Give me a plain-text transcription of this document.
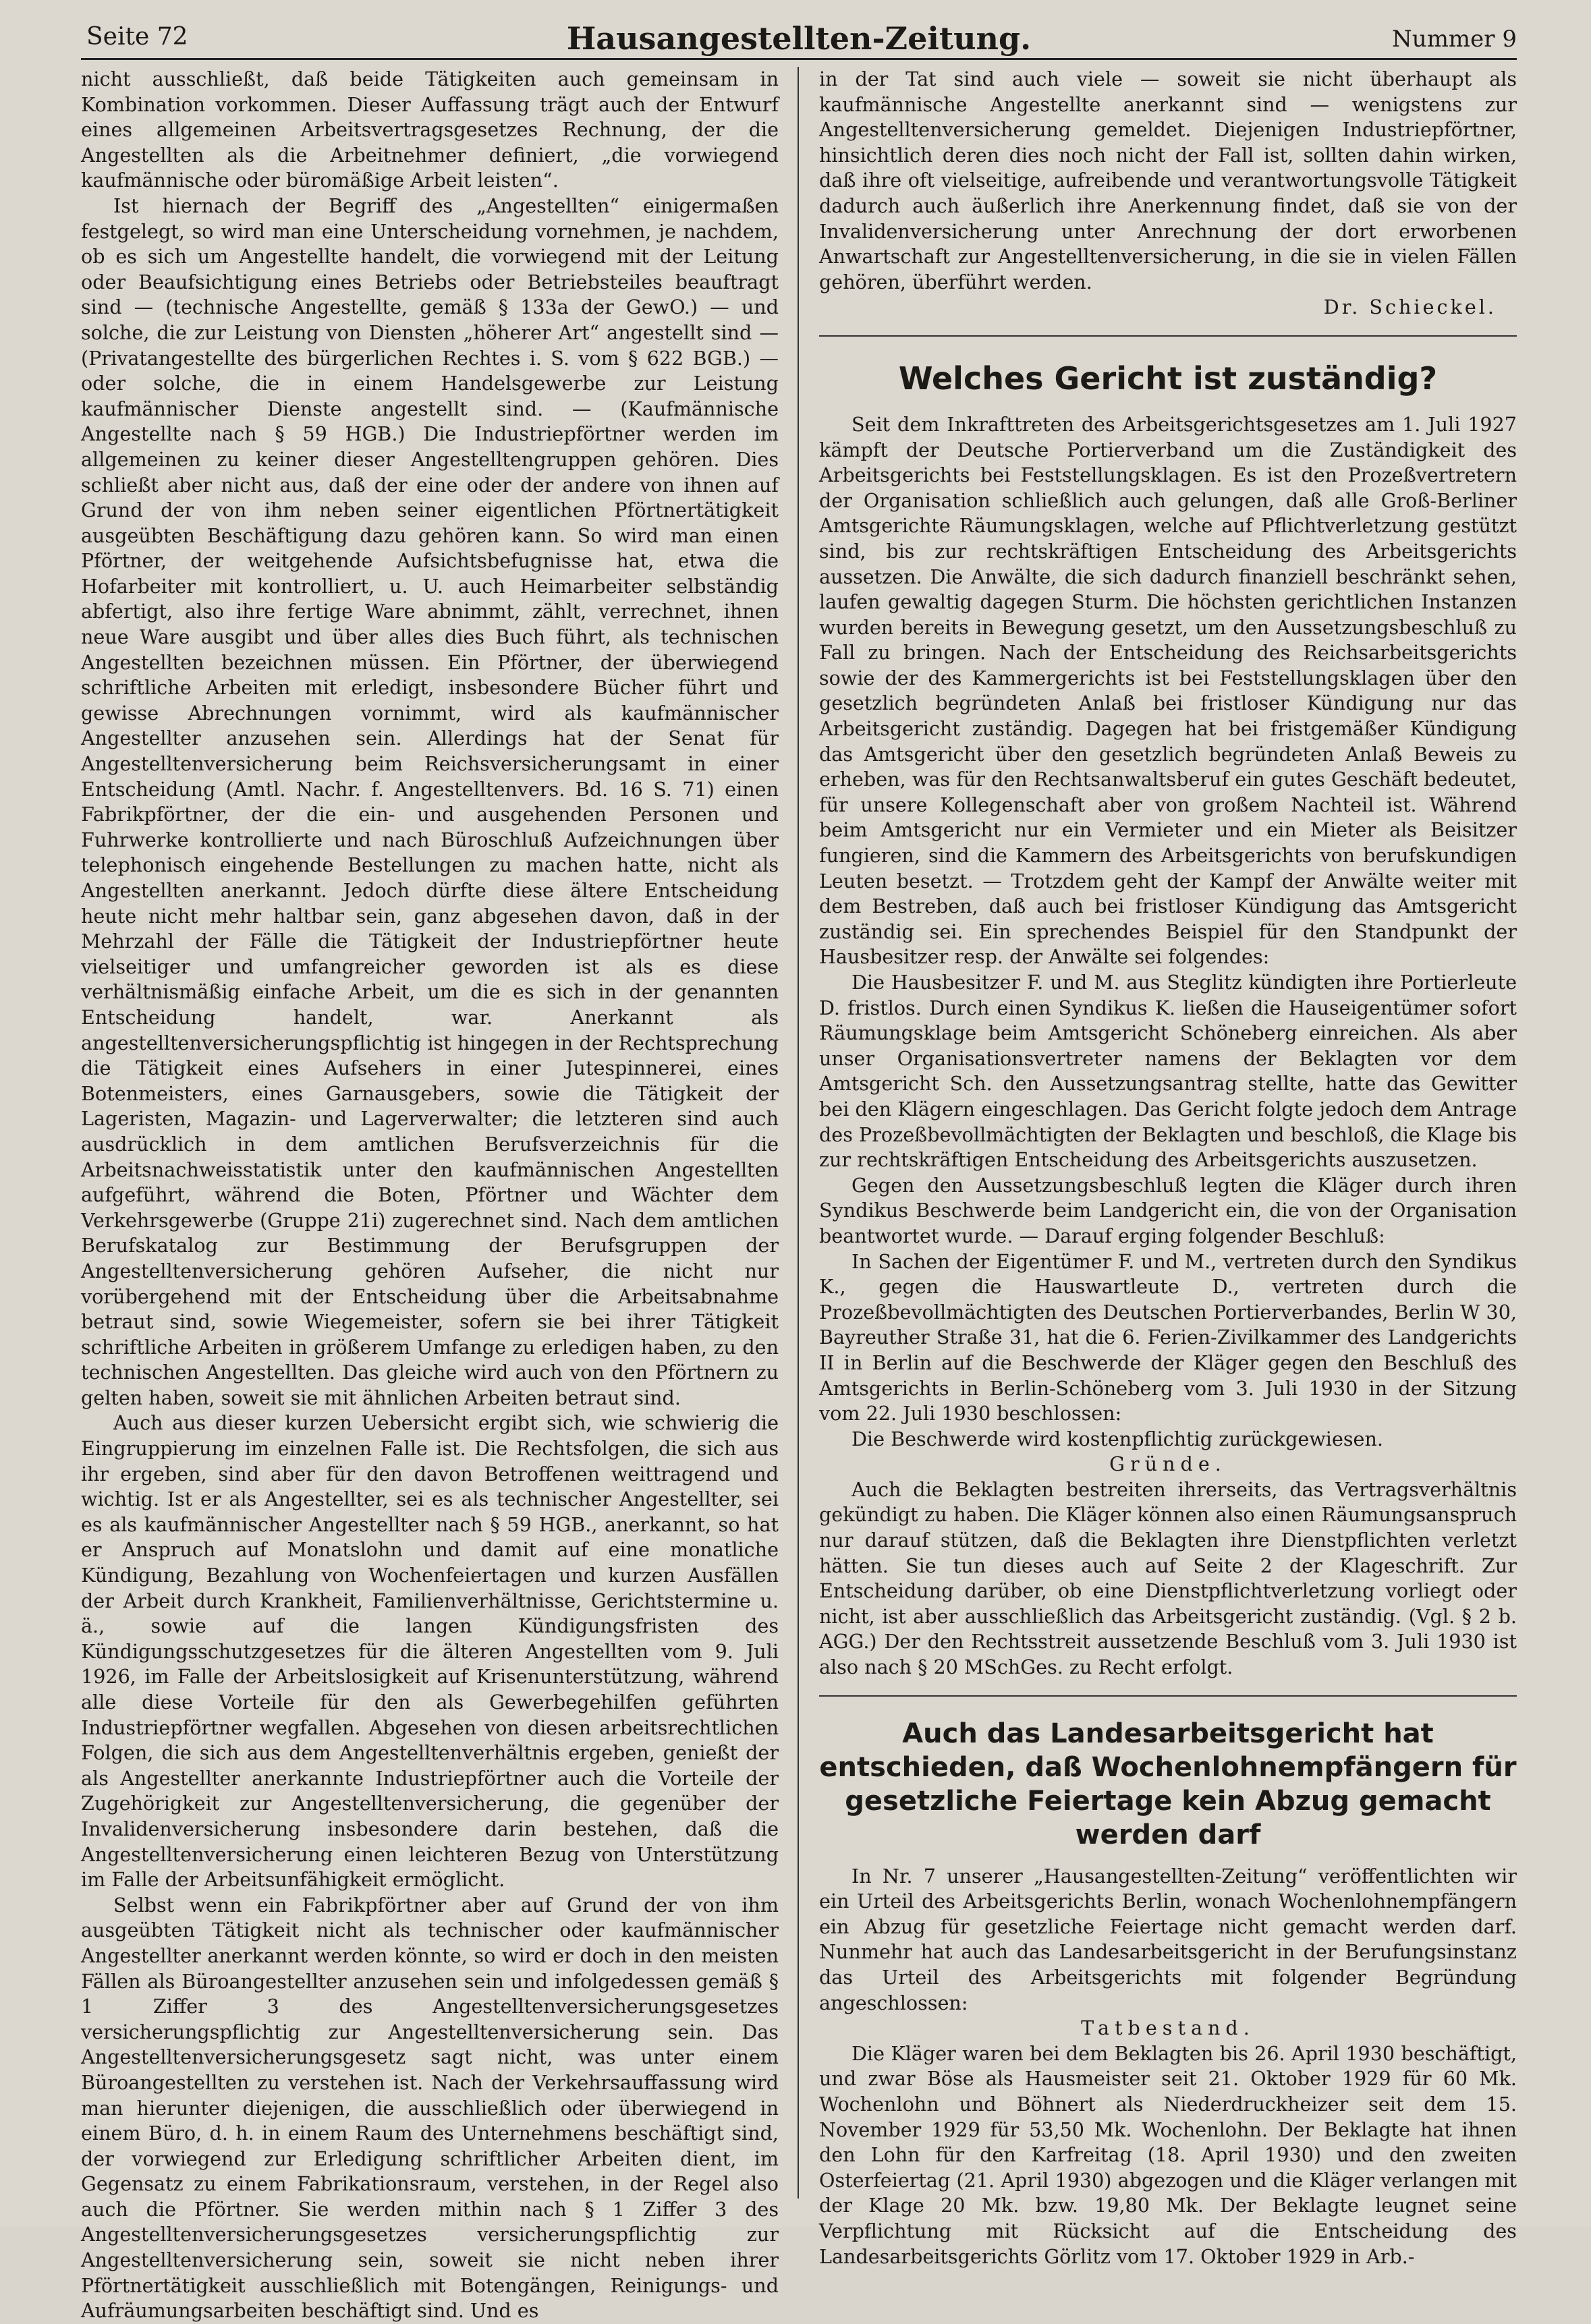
Seite 72	Hausangestellten-Zeitung.	Nummer 9

nicht ausschließt, daß beide Tätigkeiten auch gemeinsam in Kombination vorkommen. Dieser Auffassung trägt auch der Entwurf eines allgemeinen Arbeitsvertragsgesetzes Rechnung, der die Angestellten als die Arbeitnehmer definiert, „die vorwiegend kaufmännische oder büromäßige Arbeit leisten“.

Ist hiernach der Begriff des „Angestellten“ einigermaßen festgelegt, so wird man eine Unterscheidung vornehmen, je nachdem, ob es sich um Angestellte handelt, die vorwiegend mit der Leitung oder Beaufsichtigung eines Betriebs oder Betriebsteiles beauftragt sind — (technische Angestellte, gemäß § 133a der GewO.) — und solche, die zur Leistung von Diensten „höherer Art“ angestellt sind — (Privatangestellte des bürgerlichen Rechtes i. S. vom § 622 BGB.) — oder solche, die in einem Handelsgewerbe zur Leistung kaufmännischer Dienste angestellt sind. — (Kaufmännische Angestellte nach § 59 HGB.) Die Industriepförtner werden im allgemeinen zu keiner dieser Angestelltengruppen gehören. Dies schließt aber nicht aus, daß der eine oder der andere von ihnen auf Grund der von ihm neben seiner eigentlichen Pförtnertätigkeit ausgeübten Beschäftigung dazu gehören kann. So wird man einen Pförtner, der weitgehende Aufsichtsbefugnisse hat, etwa die Hofarbeiter mit kontrolliert, u. U. auch Heimarbeiter selbständig abfertigt, also ihre fertige Ware abnimmt, zählt, verrechnet, ihnen neue Ware ausgibt und über alles dies Buch führt, als technischen Angestellten bezeichnen müssen. Ein Pförtner, der überwiegend schriftliche Arbeiten mit erledigt, insbesondere Bücher führt und gewisse Abrechnungen vornimmt, wird als kaufmännischer Angestellter anzusehen sein. Allerdings hat der Senat für Angestelltenversicherung beim Reichsversicherungsamt in einer Entscheidung (Amtl. Nachr. f. Angestelltenvers. Bd. 16 S. 71) einen Fabrikpförtner, der die ein- und ausgehenden Personen und Fuhrwerke kontrollierte und nach Büroschluß Aufzeichnungen über telephonisch eingehende Bestellungen zu machen hatte, nicht als Angestellten anerkannt. Jedoch dürfte diese ältere Entscheidung heute nicht mehr haltbar sein, ganz abgesehen davon, daß in der Mehrzahl der Fälle die Tätigkeit der Industriepförtner heute vielseitiger und umfangreicher geworden ist als es diese verhältnismäßig einfache Arbeit, um die es sich in der genannten Entscheidung handelt, war. Anerkannt als angestelltenversicherungspflichtig ist hingegen in der Rechtsprechung die Tätigkeit eines Aufsehers in einer Jutespinnerei, eines Botenmeisters, eines Garnausgebers, sowie die Tätigkeit der Lageristen, Magazin- und Lagerverwalter; die letzteren sind auch ausdrücklich in dem amtlichen Berufsverzeichnis für die Arbeitsnachweisstatistik unter den kaufmännischen Angestellten aufgeführt, während die Boten, Pförtner und Wächter dem Verkehrsgewerbe (Gruppe 21i) zugerechnet sind. Nach dem amtlichen Berufskatalog zur Bestimmung der Berufsgruppen der Angestelltenversicherung gehören Aufseher, die nicht nur vorübergehend mit der Entscheidung über die Arbeitsabnahme betraut sind, sowie Wiegemeister, sofern sie bei ihrer Tätigkeit schriftliche Arbeiten in größerem Umfange zu erledigen haben, zu den technischen Angestellten. Das gleiche wird auch von den Pförtnern zu gelten haben, soweit sie mit ähnlichen Arbeiten betraut sind.

Auch aus dieser kurzen Uebersicht ergibt sich, wie schwierig die Eingruppierung im einzelnen Falle ist. Die Rechtsfolgen, die sich aus ihr ergeben, sind aber für den davon Betroffenen weittragend und wichtig. Ist er als Angestellter, sei es als technischer Angestellter, sei es als kaufmännischer Angestellter nach § 59 HGB., anerkannt, so hat er Anspruch auf Monatslohn und damit auf eine monatliche Kündigung, Bezahlung von Wochenfeiertagen und kurzen Ausfällen der Arbeit durch Krankheit, Familienverhältnisse, Gerichtstermine u. ä., sowie auf die langen Kündigungsfristen des Kündigungsschutzgesetzes für die älteren Angestellten vom 9. Juli 1926, im Falle der Arbeitslosigkeit auf Krisenunterstützung, während alle diese Vorteile für den als Gewerbegehilfen geführten Industriepförtner wegfallen. Abgesehen von diesen arbeitsrechtlichen Folgen, die sich aus dem Angestelltenverhältnis ergeben, genießt der als Angestellter anerkannte Industriepförtner auch die Vorteile der Zugehörigkeit zur Angestelltenversicherung, die gegenüber der Invalidenversicherung insbesondere darin bestehen, daß die Angestelltenversicherung einen leichteren Bezug von Unterstützung im Falle der Arbeitsunfähigkeit ermöglicht.

Selbst wenn ein Fabrikpförtner aber auf Grund der von ihm ausgeübten Tätigkeit nicht als technischer oder kaufmännischer Angestellter anerkannt werden könnte, so wird er doch in den meisten Fällen als Büroangestellter anzusehen sein und infolgedessen gemäß § 1 Ziffer 3 des Angestelltenversicherungsgesetzes versicherungspflichtig zur Angestelltenversicherung sein. Das Angestelltenversicherungsgesetz sagt nicht, was unter einem Büroangestellten zu verstehen ist. Nach der Verkehrsauffassung wird man hierunter diejenigen, die ausschließlich oder überwiegend in einem Büro, d. h. in einem Raum des Unternehmens beschäftigt sind, der vorwiegend zur Erledigung schriftlicher Arbeiten dient, im Gegensatz zu einem Fabrikationsraum, verstehen, in der Regel also auch die Pförtner. Sie werden mithin nach § 1 Ziffer 3 des Angestelltenversicherungsgesetzes versicherungspflichtig zur Angestelltenversicherung sein, soweit sie nicht neben ihrer Pförtnertätigkeit ausschließlich mit Botengängen, Reinigungs- und Aufräumungsarbeiten beschäftigt sind. Und es

in der Tat sind auch viele — soweit sie nicht überhaupt als kaufmännische Angestellte anerkannt sind — wenigstens zur Angestelltenversicherung gemeldet. Diejenigen Industriepförtner, hinsichtlich deren dies noch nicht der Fall ist, sollten dahin wirken, daß ihre oft vielseitige, aufreibende und verantwortungsvolle Tätigkeit dadurch auch äußerlich ihre Anerkennung findet, daß sie von der Invalidenversicherung unter Anrechnung der dort erworbenen Anwartschaft zur Angestelltenversicherung, in die sie in vielen Fällen gehören, überführt werden.

Dr. Schieckel.

Welches Gericht ist zuständig?

Seit dem Inkrafttreten des Arbeitsgerichtsgesetzes am 1. Juli 1927 kämpft der Deutsche Portierverband um die Zuständigkeit des Arbeitsgerichts bei Feststellungsklagen. Es ist den Prozeßvertretern der Organisation schließlich auch gelungen, daß alle Groß-Berliner Amtsgerichte Räumungsklagen, welche auf Pflichtverletzung gestützt sind, bis zur rechtskräftigen Entscheidung des Arbeitsgerichts aussetzen. Die Anwälte, die sich dadurch finanziell beschränkt sehen, laufen gewaltig dagegen Sturm. Die höchsten gerichtlichen Instanzen wurden bereits in Bewegung gesetzt, um den Aussetzungsbeschluß zu Fall zu bringen. Nach der Entscheidung des Reichsarbeitsgerichts sowie der des Kammergerichts ist bei Feststellungsklagen über den gesetzlich begründeten Anlaß bei fristloser Kündigung nur das Arbeitsgericht zuständig. Dagegen hat bei fristgemäßer Kündigung das Amtsgericht über den gesetzlich begründeten Anlaß Beweis zu erheben, was für den Rechtsanwaltsberuf ein gutes Geschäft bedeutet, für unsere Kollegenschaft aber von großem Nachteil ist. Während beim Amtsgericht nur ein Vermieter und ein Mieter als Beisitzer fungieren, sind die Kammern des Arbeitsgerichts von berufskundigen Leuten besetzt. — Trotzdem geht der Kampf der Anwälte weiter mit dem Bestreben, daß auch bei fristloser Kündigung das Amtsgericht zuständig sei. Ein sprechendes Beispiel für den Standpunkt der Hausbesitzer resp. der Anwälte sei folgendes:

Die Hausbesitzer F. und M. aus Steglitz kündigten ihre Portierleute D. fristlos. Durch einen Syndikus K. ließen die Hauseigentümer sofort Räumungsklage beim Amtsgericht Schöneberg einreichen. Als aber unser Organisationsvertreter namens der Beklagten vor dem Amtsgericht Sch. den Aussetzungsantrag stellte, hatte das Gewitter bei den Klägern eingeschlagen. Das Gericht folgte jedoch dem Antrage des Prozeßbevollmächtigten der Beklagten und beschloß, die Klage bis zur rechtskräftigen Entscheidung des Arbeitsgerichts auszusetzen.

Gegen den Aussetzungsbeschluß legten die Kläger durch ihren Syndikus Beschwerde beim Landgericht ein, die von der Organisation beantwortet wurde. — Darauf erging folgender Beschluß:

In Sachen der Eigentümer F. und M., vertreten durch den Syndikus K., gegen die Hauswartleute D., vertreten durch die Prozeßbevollmächtigten des Deutschen Portierverbandes, Berlin W 30, Bayreuther Straße 31, hat die 6. Ferien-Zivilkammer des Landgerichts II in Berlin auf die Beschwerde der Kläger gegen den Beschluß des Amtsgerichts in Berlin-Schöneberg vom 3. Juli 1930 in der Sitzung vom 22. Juli 1930 beschlossen:

Die Beschwerde wird kostenpflichtig zurückgewiesen.

Gründe.

Auch die Beklagten bestreiten ihrerseits, das Vertragsverhältnis gekündigt zu haben. Die Kläger können also einen Räumungsanspruch nur darauf stützen, daß die Beklagten ihre Dienstpflichten verletzt hätten. Sie tun dieses auch auf Seite 2 der Klageschrift. Zur Entscheidung darüber, ob eine Dienstpflichtverletzung vorliegt oder nicht, ist aber ausschließlich das Arbeitsgericht zuständig. (Vgl. § 2 b. AGG.) Der den Rechtsstreit aussetzende Beschluß vom 3. Juli 1930 ist also nach § 20 MSchGes. zu Recht erfolgt.

Auch das Landesarbeitsgericht hat entschieden, daß Wochenlohnempfängern für gesetzliche Feiertage kein Abzug gemacht werden darf

In Nr. 7 unserer „Hausangestellten-Zeitung“ veröffentlichten wir ein Urteil des Arbeitsgerichts Berlin, wonach Wochenlohnempfängern ein Abzug für gesetzliche Feiertage nicht gemacht werden darf. Nunmehr hat auch das Landesarbeitsgericht in der Berufungsinstanz das Urteil des Arbeitsgerichts mit folgender Begründung angeschlossen:

Tatbestand.

Die Kläger waren bei dem Beklagten bis 26. April 1930 beschäftigt, und zwar Böse als Hausmeister seit 21. Oktober 1929 für 60 Mk. Wochenlohn und Böhnert als Niederdruckheizer seit dem 15. November 1929 für 53,50 Mk. Wochenlohn. Der Beklagte hat ihnen den Lohn für den Karfreitag (18. April 1930) und den zweiten Osterfeiertag (21. April 1930) abgezogen und die Kläger verlangen mit der Klage 20 Mk. bzw. 19,80 Mk. Der Beklagte leugnet seine Verpflichtung mit Rücksicht auf die Entscheidung des Landesarbeitsgerichts Görlitz vom 17. Oktober 1929 in Arb.-
